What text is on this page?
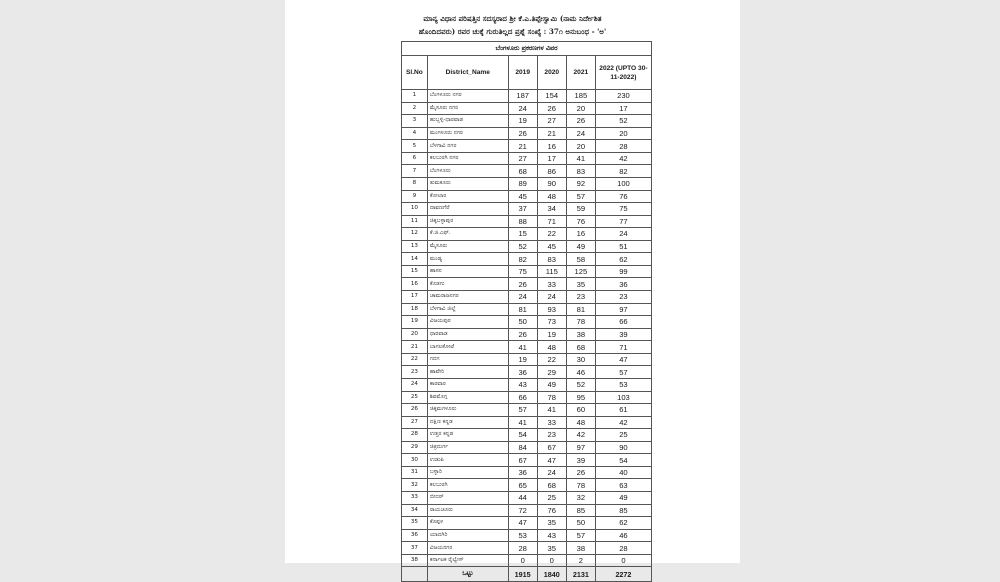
ಮಾನ್ಯ ವಿಧಾನ ಪರಿಷತ್ತಿನ ಸದಸ್ಯರಾದ ಶ್ರೀ ಕೆ.ಎ.ತಿಪ್ಪೇಸ್ವಾಮಿ (ನಾಮ ನಿರ್ದೇಶಿತ
ಹೊಂದಿದವರು) ರವರ ಚುಕ್ಕೆ ಗುರುತಿಲ್ಲದ ಪ್ರಶ್ನೆ ಸಂಖ್ಯೆ : 37೧ ಅನುಬಂಧ - 'ಅ'
ಬೆಂಗಳೂರು ಪ್ರಕರಣಗಳ ವಿವರ					
Sl.No	District_Name	2019	2020	2021	2022 (UPTO 30-11-2022)
1	ಬೆಂಗಳೂರು ನಗರ	187	154	185	230
2	ಮೈಸೂರು ನಗರ	24	26	20	17
3	ಹುಬ್ಬಳ್ಳಿ-ಧಾರವಾಡ	19	27	26	52
4	ಮಂಗಳೂರು ನಗರ	26	21	24	20
5	ಬೆಳಗಾವಿ ನಗರ	21	16	20	28
6	ಕಲಬುರಗಿ ನಗರ	27	17	41	42
7	ಬೆಂಗಳೂರು	68	86	83	82
8	ತುಮಕೂರು	89	90	92	100
9	ಕೋಲಾರ	45	48	57	76
10	ದಾವಣಗೆರೆ	37	34	59	75
11	ಚಿಕ್ಕಬಳ್ಳಾಪುರ	88	71	76	77
12	ಕೆ.ಜಿ.ಎಫ್.	15	22	16	24
13	ಮೈಸೂರು	52	45	49	51
14	ಮಂಡ್ಯ	82	83	58	62
15	ಹಾಸನ	75	115	125	99
16	ಕೊಡಗು	26	33	35	36
17	ಚಾಮರಾಜನಗರ	24	24	23	23
18	ಬೆಳಗಾವಿ ಜಿಲ್ಲೆ	81	93	81	97
19	ವಿಜಯಪುರ	50	73	78	66
20	ಧಾರವಾಡ	26	19	38	39
21	ಬಾಗಲಕೋಟೆ	41	48	68	71
22	ಗದಗ	19	22	30	47
23	ಹಾವೇರಿ	36	29	46	57
24	ಕಾರವಾರ	43	49	52	53
25	ಶಿವಮೊಗ್ಗ	66	78	95	103
26	ಚಿಕ್ಕಮಗಳೂರು	57	41	60	61
27	ದಕ್ಷಿಣ ಕನ್ನಡ	41	33	48	42
28	ಉತ್ತರ ಕನ್ನಡ	54	23	42	25
29	ಚಿತ್ರದುರ್ಗ	84	67	97	90
30	ಉಡುಪಿ	67	47	39	54
31	ಬಳ್ಳಾರಿ	36	24	26	40
32	ಕಲಬುರಗಿ	65	68	78	63
33	ಬೀದರ್	44	25	32	49
34	ರಾಯಚೂರು	72	76	85	85
35	ಕೊಪ್ಪಳ	47	35	50	62
36	ಯಾದಗಿರಿ	53	43	57	46
37	ವಿಜಯನಗರ	28	35	38	28
38	ಕರ್ನಾಟಕ ರೈಲ್ವೇಸ್	0	0	2	0
	ಒಟ್ಟು	1915	1840	2131	2272
